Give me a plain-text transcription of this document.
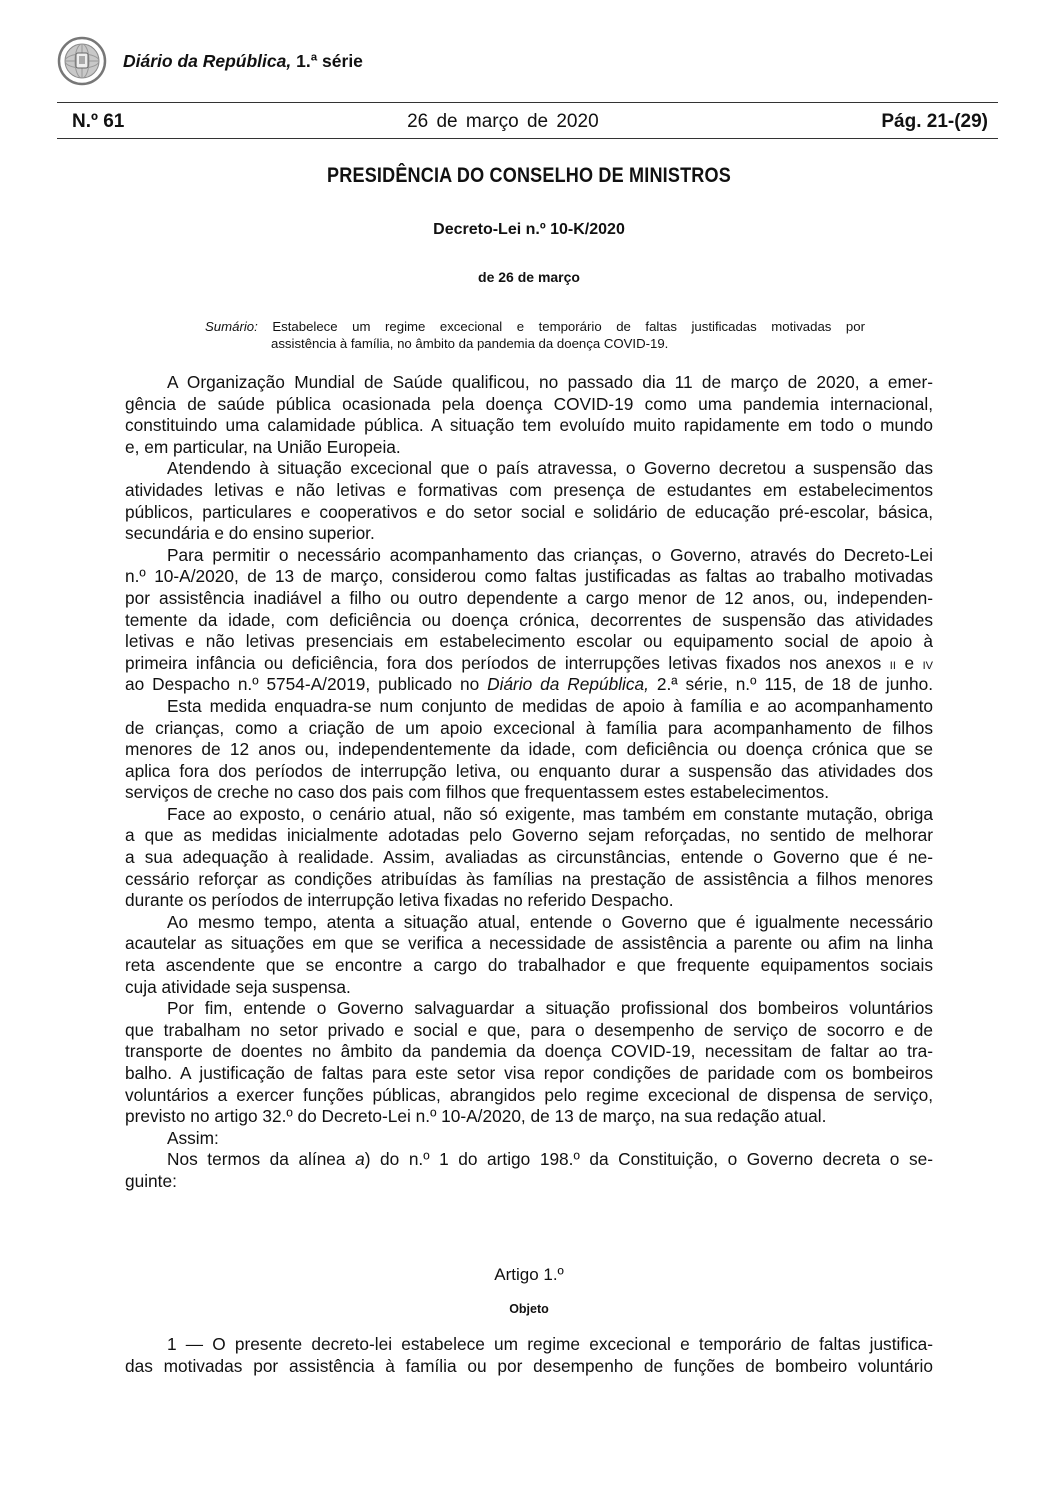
Diário da República, 1.ª série
N.º 61	26 de março de 2020	Pág. 21-(29)
PRESIDÊNCIA DO CONSELHO DE MINISTROS
Decreto-Lei n.º 10-K/2020
de 26 de março
Sumário: Estabelece um regime excecional e temporário de faltas justificadas motivadas por
assistência à família, no âmbito da pandemia da doença COVID-19.
A Organização Mundial de Saúde qualificou, no passado dia 11 de março de 2020, a emer-
gência de saúde pública ocasionada pela doença COVID-19 como uma pandemia internacional,
constituindo uma calamidade pública. A situação tem evoluído muito rapidamente em todo o mundo
e, em particular, na União Europeia.
Atendendo à situação excecional que o país atravessa, o Governo decretou a suspensão das
atividades letivas e não letivas e formativas com presença de estudantes em estabelecimentos
públicos, particulares e cooperativos e do setor social e solidário de educação pré-escolar, básica,
secundária e do ensino superior.
Para permitir o necessário acompanhamento das crianças, o Governo, através do Decreto-Lei
n.º 10-A/2020, de 13 de março, considerou como faltas justificadas as faltas ao trabalho motivadas
por assistência inadiável a filho ou outro dependente a cargo menor de 12 anos, ou, independen-
temente da idade, com deficiência ou doença crónica, decorrentes de suspensão das atividades
letivas e não letivas presenciais em estabelecimento escolar ou equipamento social de apoio à
primeira infância ou deficiência, fora dos períodos de interrupções letivas fixados nos anexos II e IV
ao Despacho n.º 5754-A/2019, publicado no Diário da República, 2.ª série, n.º 115, de 18 de junho.
Esta medida enquadra-se num conjunto de medidas de apoio à família e ao acompanhamento
de crianças, como a criação de um apoio excecional à família para acompanhamento de filhos
menores de 12 anos ou, independentemente da idade, com deficiência ou doença crónica que se
aplica fora dos períodos de interrupção letiva, ou enquanto durar a suspensão das atividades dos
serviços de creche no caso dos pais com filhos que frequentassem estes estabelecimentos.
Face ao exposto, o cenário atual, não só exigente, mas também em constante mutação, obriga
a que as medidas inicialmente adotadas pelo Governo sejam reforçadas, no sentido de melhorar
a sua adequação à realidade. Assim, avaliadas as circunstâncias, entende o Governo que é ne-
cessário reforçar as condições atribuídas às famílias na prestação de assistência a filhos menores
durante os períodos de interrupção letiva fixadas no referido Despacho.
Ao mesmo tempo, atenta a situação atual, entende o Governo que é igualmente necessário
acautelar as situações em que se verifica a necessidade de assistência a parente ou afim na linha
reta ascendente que se encontre a cargo do trabalhador e que frequente equipamentos sociais
cuja atividade seja suspensa.
Por fim, entende o Governo salvaguardar a situação profissional dos bombeiros voluntários
que trabalham no setor privado e social e que, para o desempenho de serviço de socorro e de
transporte de doentes no âmbito da pandemia da doença COVID-19, necessitam de faltar ao tra-
balho. A justificação de faltas para este setor visa repor condições de paridade com os bombeiros
voluntários a exercer funções públicas, abrangidos pelo regime excecional de dispensa de serviço,
previsto no artigo 32.º do Decreto-Lei n.º 10-A/2020, de 13 de março, na sua redação atual.
Assim:
Nos termos da alínea a) do n.º 1 do artigo 198.º da Constituição, o Governo decreta o se-
guinte:
Artigo 1.º
Objeto
1 — O presente decreto-lei estabelece um regime excecional e temporário de faltas justifica-
das motivadas por assistência à família ou por desempenho de funções de bombeiro voluntário
